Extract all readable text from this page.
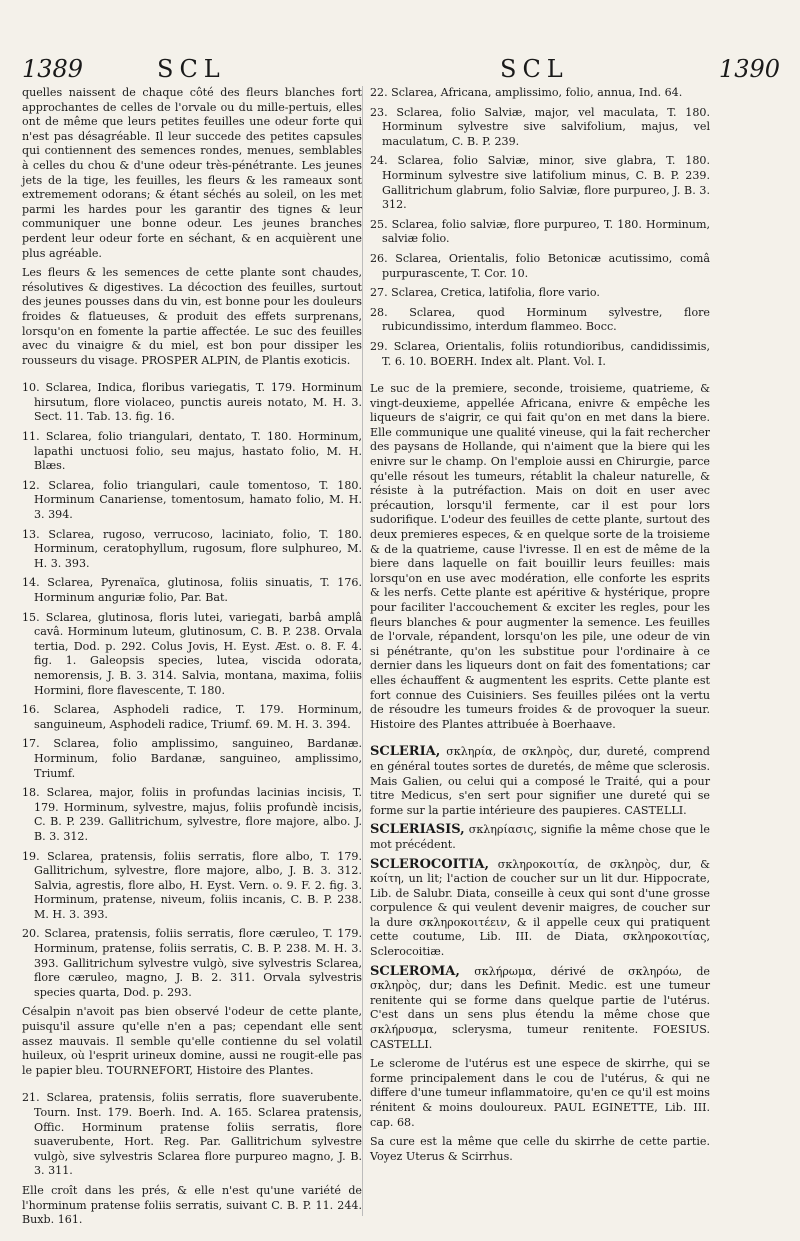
1389	SCL	SCL	1390

quelles naissent de chaque côté des fleurs blanches fort approchantes de celles de l'orvale ou du mille-pertuis, elles ont de même que leurs petites feuilles une odeur forte qui n'est pas désagréable. Il leur succede des petites capsules qui contiennent des semences rondes, menues, semblables à celles du chou & d'une odeur très-pénétrante. Les jeunes jets de la tige, les feuilles, les fleurs & les rameaux sont extremement odorans; & étant séchés au soleil, on les met parmi les hardes pour les garantir des tignes & leur communiquer une bonne odeur. Les jeunes branches perdent leur odeur forte en séchant, & en acquièrent une plus agréable.

Les fleurs & les semences de cette plante sont chaudes, résolutives & digestives. La décoction des feuilles, surtout des jeunes pousses dans du vin, est bonne pour les douleurs froides & flatueuses, & produit des effets surprenans, lorsqu'on en fomente la partie affectée. Le suc des feuilles avec du vinaigre & du miel, est bon pour dissiper les rousseurs du visage. PROSPER ALPIN, de Plantis exoticis.

10. Sclarea, Indica, floribus variegatis, T. 179. Horminum hirsutum, flore violaceo, punctis aureis notato, M. H. 3. Sect. 11. Tab. 13. fig. 16.

11. Sclarea, folio triangulari, dentato, T. 180. Horminum, lapathi unctuosi folio, seu majus, hastato folio, M. H. Blæs.

12. Sclarea, folio triangulari, caule tomentoso, T. 180. Horminum Canariense, tomentosum, hamato folio, M. H. 3. 394.

13. Sclarea, rugoso, verrucoso, laciniato, folio, T. 180. Horminum, ceratophyllum, rugosum, flore sulphureo, M. H. 3. 393.

14. Sclarea, Pyrenaïca, glutinosa, foliis sinuatis, T. 176. Horminum anguriæ folio, Par. Bat.

15. Sclarea, glutinosa, floris lutei, variegati, barbâ amplâ cavâ. Horminum luteum, glutinosum, C. B. P. 238. Orvala tertia, Dod. p. 292. Colus Jovis, H. Eyst. Æst. o. 8. F. 4. fig. 1. Galeopsis species, lutea, viscida odorata, nemorensis, J. B. 3. 314. Salvia, montana, maxima, foliis Hormini, flore flavescente, T. 180.

16. Sclarea, Asphodeli radice, T. 179. Horminum, sanguineum, Asphodeli radice, Triumf. 69. M. H. 3. 394.

17. Sclarea, folio amplissimo, sanguineo, Bardanæ. Horminum, folio Bardanæ, sanguineo, amplissimo, Triumf.

18. Sclarea, major, foliis in profundas lacinias incisis, T. 179. Horminum, sylvestre, majus, foliis profundè incisis, C. B. P. 239. Gallitrichum, sylvestre, flore majore, albo. J. B. 3. 312.

19. Sclarea, pratensis, foliis serratis, flore albo, T. 179. Gallitrichum, sylvestre, flore majore, albo, J. B. 3. 312. Salvia, agrestis, flore albo, H. Eyst. Vern. o. 9. F. 2. fig. 3. Horminum, pratense, niveum, foliis incanis, C. B. P. 238. M. H. 3. 393.

20. Sclarea, pratensis, foliis serratis, flore cæruleo, T. 179. Horminum, pratense, foliis serratis, C. B. P. 238. M. H. 3. 393. Gallitrichum sylvestre vulgò, sive sylvestris Sclarea, flore cæruleo, magno, J. B. 2. 311. Orvala sylvestris species quarta, Dod. p. 293.

Césalpin n'avoit pas bien observé l'odeur de cette plante, puisqu'il assure qu'elle n'en a pas; cependant elle sent assez mauvais. Il semble qu'elle contienne du sel volatil huileux, où l'esprit urineux domine, aussi ne rougit-elle pas le papier bleu. TOURNEFORT, Histoire des Plantes.

21. Sclarea, pratensis, foliis serratis, flore suaverubente. Tourn. Inst. 179. Boerh. Ind. A. 165. Sclarea pratensis, Offic. Horminum pratense foliis serratis, flore suaverubente, Hort. Reg. Par. Gallitrichum sylvestre vulgò, sive sylvestris Sclarea flore purpureo magno, J. B. 3. 311.

Elle croît dans les prés, & elle n'est qu'une variété de l'horminum pratense foliis serratis, suivant C. B. P. 11. 244. Buxb. 161.

22. Sclarea, Africana, amplissimo, folio, annua, Ind. 64.

23. Sclarea, folio Salviæ, major, vel maculata, T. 180. Horminum sylvestre sive salvifolium, majus, vel maculatum, C. B. P. 239.

24. Sclarea, folio Salviæ, minor, sive glabra, T. 180. Horminum sylvestre sive latifolium minus, C. B. P. 239. Gallitrichum glabrum, folio Salviæ, flore purpureo, J. B. 3. 312.

25. Sclarea, folio salviæ, flore purpureo, T. 180. Horminum, salviæ folio.

26. Sclarea, Orientalis, folio Betonicæ acutissimo, comâ purpurascente, T. Cor. 10.

27. Sclarea, Cretica, latifolia, flore vario.

28. Sclarea, quod Horminum sylvestre, flore rubicundissimo, interdum flammeo. Bocc.

29. Sclarea, Orientalis, foliis rotundioribus, candidissimis, T. 6. 10. BOERH. Index alt. Plant. Vol. I.

Le suc de la premiere, seconde, troisieme, quatrieme, & vingt-deuxieme, appellée Africana, enivre & empêche les liqueurs de s'aigrir, ce qui fait qu'on en met dans la biere. Elle communique une qualité vineuse, qui la fait rechercher des paysans de Hollande, qui n'aiment que la biere qui les enivre sur le champ. On l'emploie aussi en Chirurgie, parce qu'elle résout les tumeurs, rétablit la chaleur naturelle, & résiste à la putréfaction. Mais on doit en user avec précaution, lorsqu'il fermente, car il est pour lors sudorifique. L'odeur des feuilles de cette plante, surtout des deux premieres especes, & en quelque sorte de la troisieme & de la quatrieme, cause l'ivresse. Il en est de même de la biere dans laquelle on fait bouillir leurs feuilles: mais lorsqu'on en use avec modération, elle conforte les esprits & les nerfs. Cette plante est apéritive & hystérique, propre pour faciliter l'accouchement & exciter les regles, pour les fleurs blanches & pour augmenter la semence. Les feuilles de l'orvale, répandent, lorsqu'on les pile, une odeur de vin si pénétrante, qu'on les substitue pour l'ordinaire à ce dernier dans les liqueurs dont on fait des fomentations; car elles échauffent & augmentent les esprits. Cette plante est fort connue des Cuisiniers. Ses feuilles pilées ont la vertu de résoudre les tumeurs froides & de provoquer la sueur. Histoire des Plantes attribuée à Boerhaave.

SCLERIA, σκληρία, de σκληρὸς, dur, dureté, comprend en général toutes sortes de duretés, de même que sclerosis. Mais Galien, ou celui qui a composé le Traité, qui a pour titre Medicus, s'en sert pour signifier une dureté qui se forme sur la partie intérieure des paupieres. CASTELLI.

SCLERIASIS, σκληρίασις, signifie la même chose que le mot précédent.

SCLEROCOITIA, σκληροκοιτία, de σκληρὸς, dur, & κοίτη, un lit; l'action de coucher sur un lit dur. Hippocrate, Lib. de Salubr. Diata, conseille à ceux qui sont d'une grosse corpulence & qui veulent devenir maigres, de coucher sur la dure σκληροκοιτέειν, & il appelle ceux qui pratiquent cette coutume, Lib. III. de Diata, σκληροκοιτίας, Sclerocoitiæ.

SCLEROMA, σκλήρωμα, dérivé de σκληρόω, de σκληρὸς, dur; dans les Definit. Medic. est une tumeur renitente qui se forme dans quelque partie de l'utérus. C'est dans un sens plus étendu la même chose que σκλήρυσμα, sclerysma, tumeur renitente. FOESIUS. CASTELLI.

Le sclerome de l'utérus est une espece de skirrhe, qui se forme principalement dans le cou de l'utérus, & qui ne differe d'une tumeur inflammatoire, qu'en ce qu'il est moins rénitent & moins douloureux. PAUL EGINETTE, Lib. III. cap. 68.

Sa cure est la même que celle du skirrhe de cette partie. Voyez Uterus & Scirrhus.
